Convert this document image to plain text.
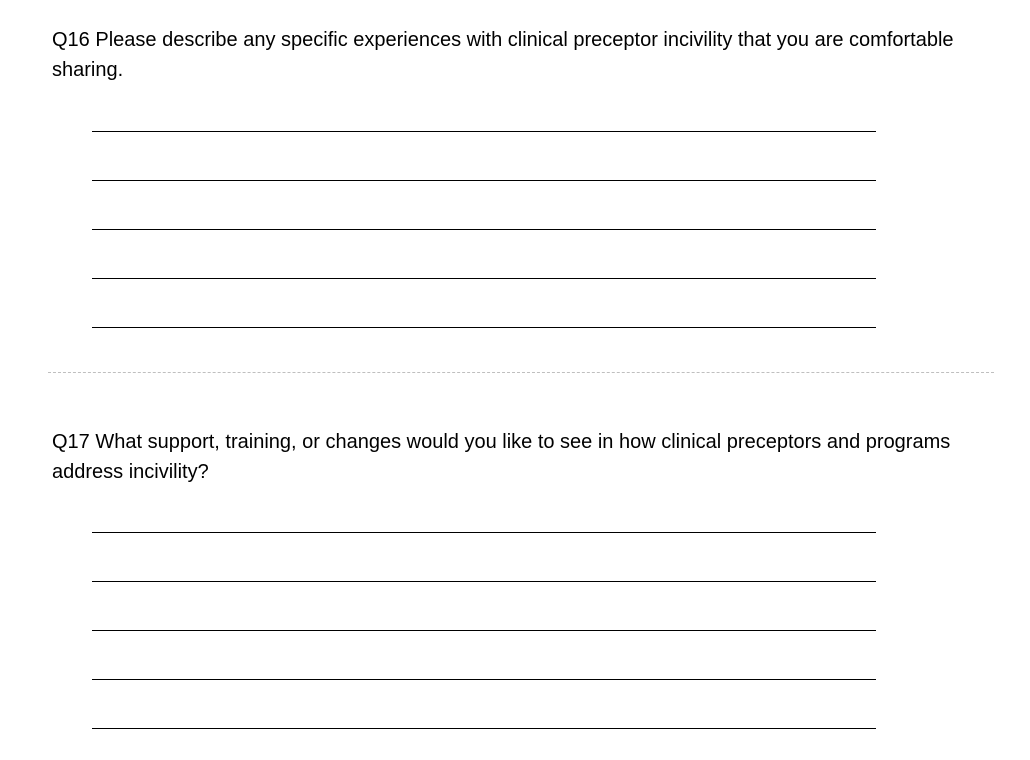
Q16 Please describe any specific experiences with clinical preceptor incivility that you are comfortable sharing.

Q17 What support, training, or changes would you like to see in how clinical preceptors and programs address incivility?
